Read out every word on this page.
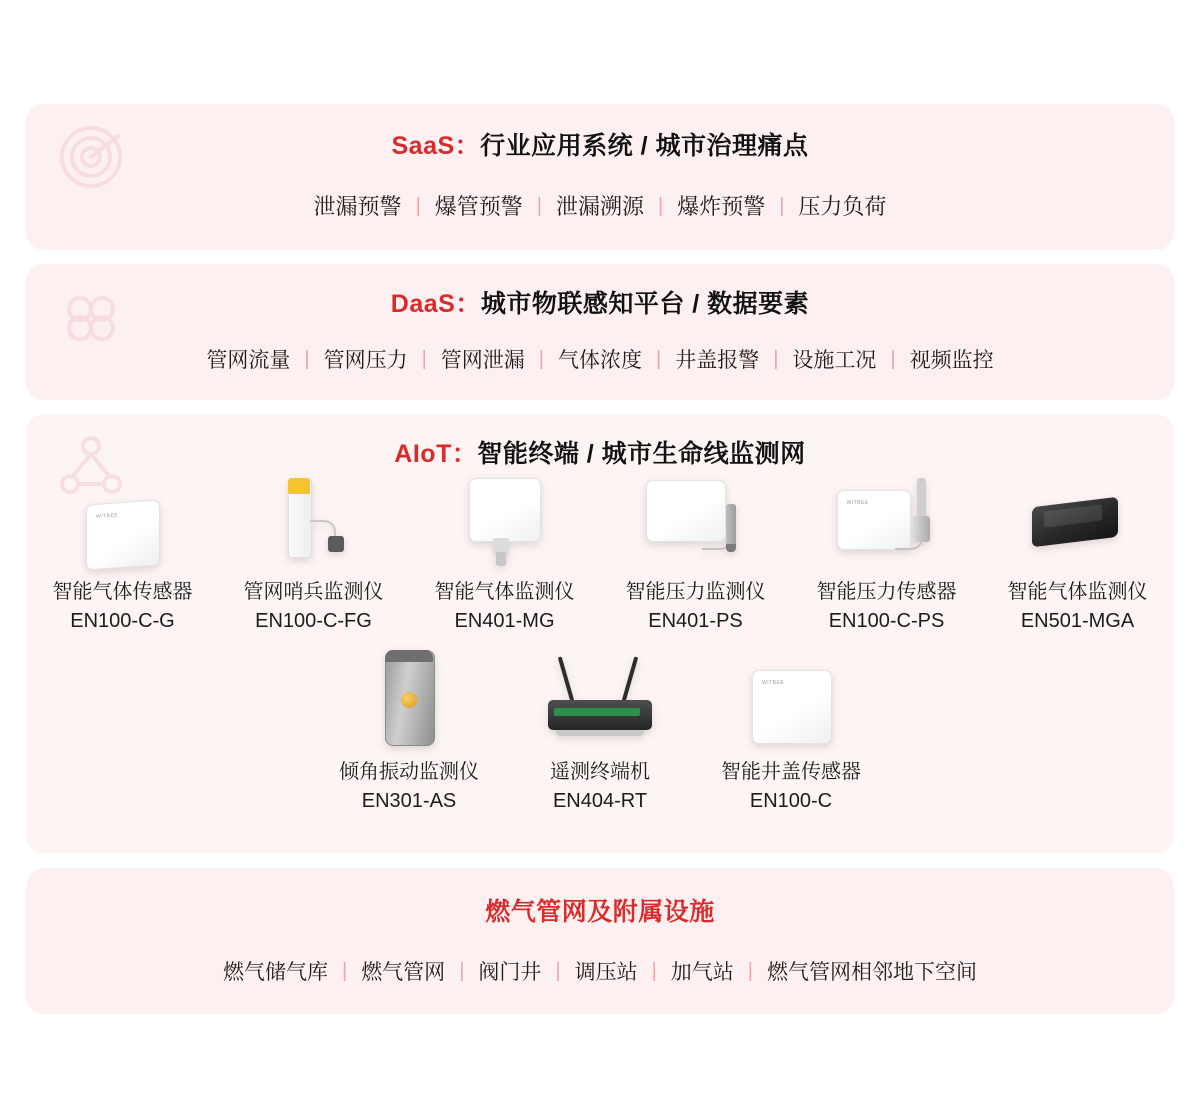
SaaS：行业应用系统 / 城市治理痛点
泄漏预警 | 爆管预警 | 泄漏溯源 | 爆炸预警 | 压力负荷
DaaS：城市物联感知平台 / 数据要素
管网流量 | 管网压力 | 管网泄漏 | 气体浓度 | 井盖报警 | 设施工况 | 视频监控
AIoT：智能终端 / 城市生命线监测网
WITBEE
智能气体传感器
EN100-C-G
管网哨兵监测仪
EN100-C-FG
智能气体监测仪
EN401-MG
智能压力监测仪
EN401-PS
WITBEE
智能压力传感器
EN100-C-PS
智能气体监测仪
EN501-MGA
倾角振动监测仪
EN301-AS
遥测终端机
EN404-RT
WITBEE
智能井盖传感器
EN100-C
燃气管网及附属设施
燃气储气库 | 燃气管网 | 阀门井 | 调压站 | 加气站 | 燃气管网相邻地下空间
